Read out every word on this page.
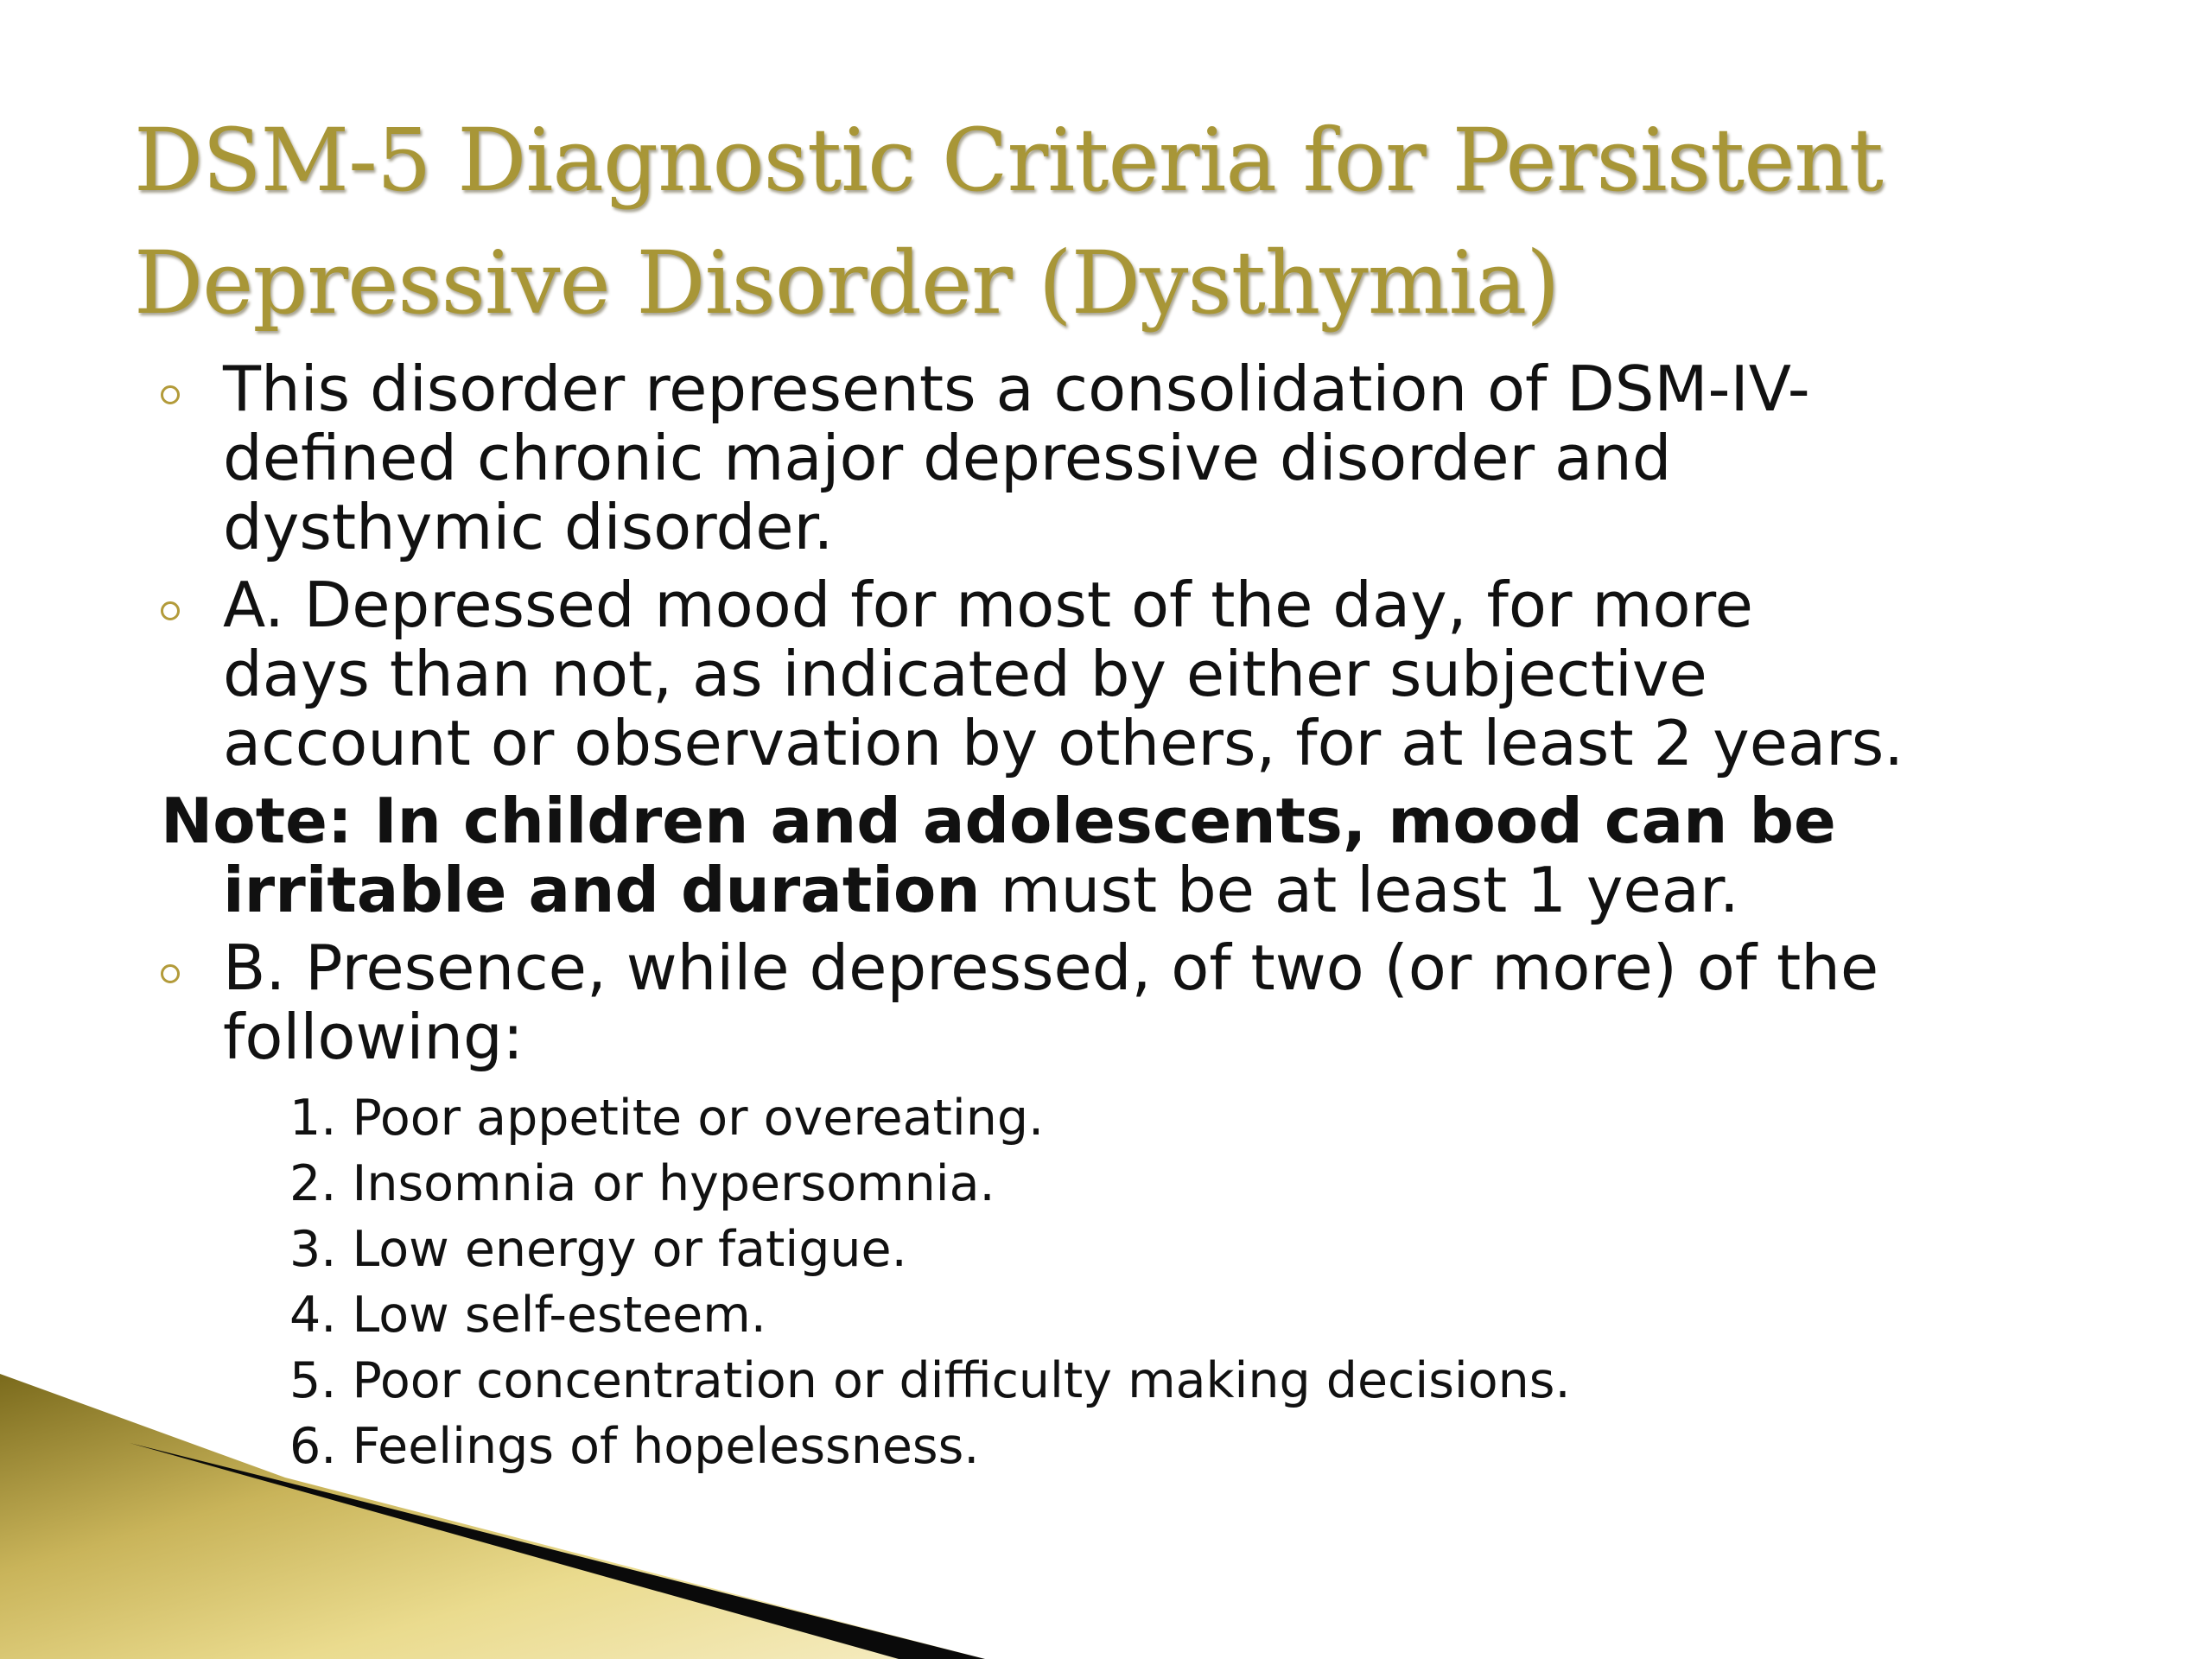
DSM-5 Diagnostic Criteria for Persistent
Depressive Disorder (Dysthymia)
This disorder represents a consolidation of DSM-IV-
defined chronic major depressive disorder and
dysthymic disorder.
A. Depressed mood for most of the day, for more
days than not, as indicated by either subjective
account or observation by others, for at least 2 years.
Note: In children and adolescents, mood can be
irritable and duration must be at least 1 year.
B. Presence, while depressed, of two (or more) of the
following:
1. Poor appetite or overeating.
2. Insomnia or hypersomnia.
3. Low energy or fatigue.
4. Low self-esteem.
5. Poor concentration or difficulty making decisions.
6. Feelings of hopelessness.
